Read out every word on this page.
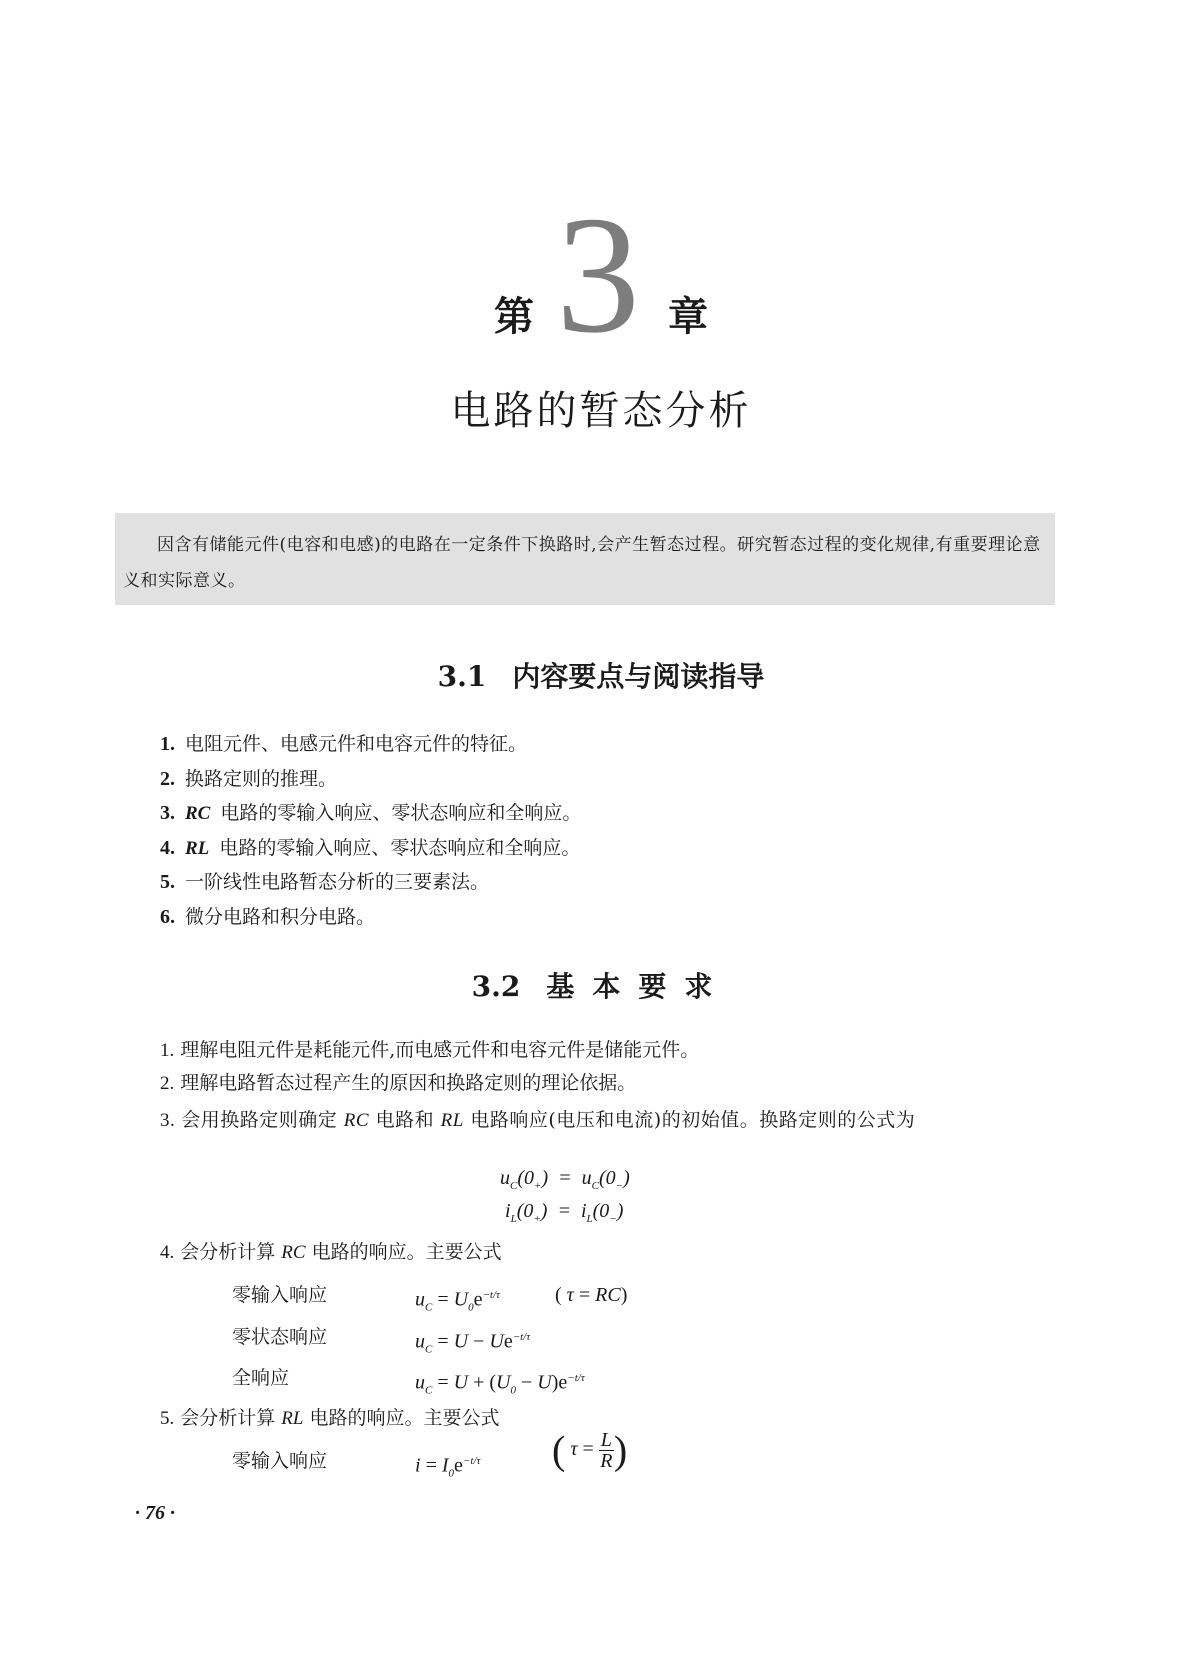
第 3 章
电路的暂态分析
因含有储能元件(电容和电感)的电路在一定条件下换路时,会产生暂态过程。研究暂态过程的变化规律,有重要理论意义和实际意义。
3.1 内容要点与阅读指导
1. 电阻元件、电感元件和电容元件的特征。
2. 换路定则的推理。
3. RC 电路的零输入响应、零状态响应和全响应。
4. RL 电路的零输入响应、零状态响应和全响应。
5. 一阶线性电路暂态分析的三要素法。
6. 微分电路和积分电路。
3.2 基本要求

1. 理解电阻元件是耗能元件,而电感元件和电容元件是储能元件。

2. 理解电路暂态过程产生的原因和换路定则的理论依据。

3. 会用换路定则确定 RC 电路和 RL 电路响应(电压和电流)的初始值。换路定则的公式为

$u_C(0_+) = u_C(0_-)$
$i_L(0_+) = i_L(0_-)$

4. 会分析计算 RC 电路的响应。主要公式

零输入响应	$u_C = U_0e^{-t/\tau}$	( τ = RC)
零状态响应	$u_C = U - Ue^{-t/\tau}$
全响应	$u_C = U + (U_0 - U)e^{-t/\tau}$

5. 会分析计算 RL 电路的响应。主要公式

零输入响应	$i = I_0e^{-t/\tau}$ ( $\tau = \frac{L}{R}$ )
· 76 ·
